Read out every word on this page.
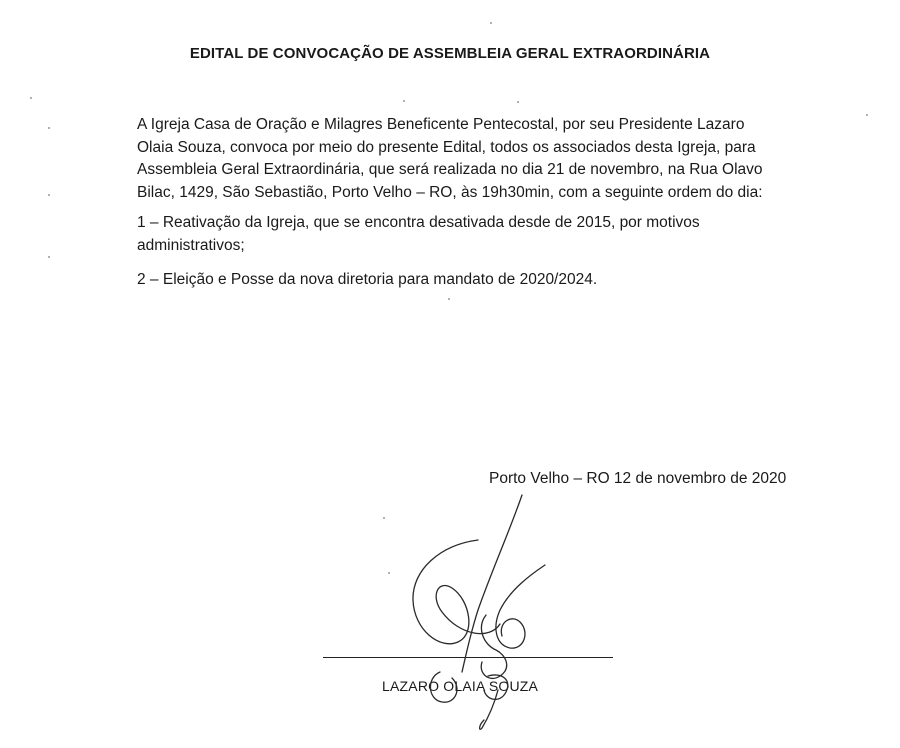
EDITAL DE CONVOCAÇÃO DE ASSEMBLEIA GERAL EXTRAORDINÁRIA
A Igreja Casa de Oração e Milagres Beneficente Pentecostal, por seu Presidente Lazaro Olaia Souza, convoca por meio do presente Edital, todos os associados desta Igreja, para Assembleia Geral Extraordinária, que será realizada no dia 21 de novembro, na Rua Olavo Bilac, 1429, São Sebastião, Porto Velho – RO, às 19h30min, com a seguinte ordem do dia:
1 – Reativação da Igreja, que se encontra desativada desde de 2015, por motivos administrativos;
2 – Eleição e Posse da nova diretoria para mandato de 2020/2024.
Porto Velho – RO 12 de novembro de 2020
LAZARO OLAIA SOUZA
